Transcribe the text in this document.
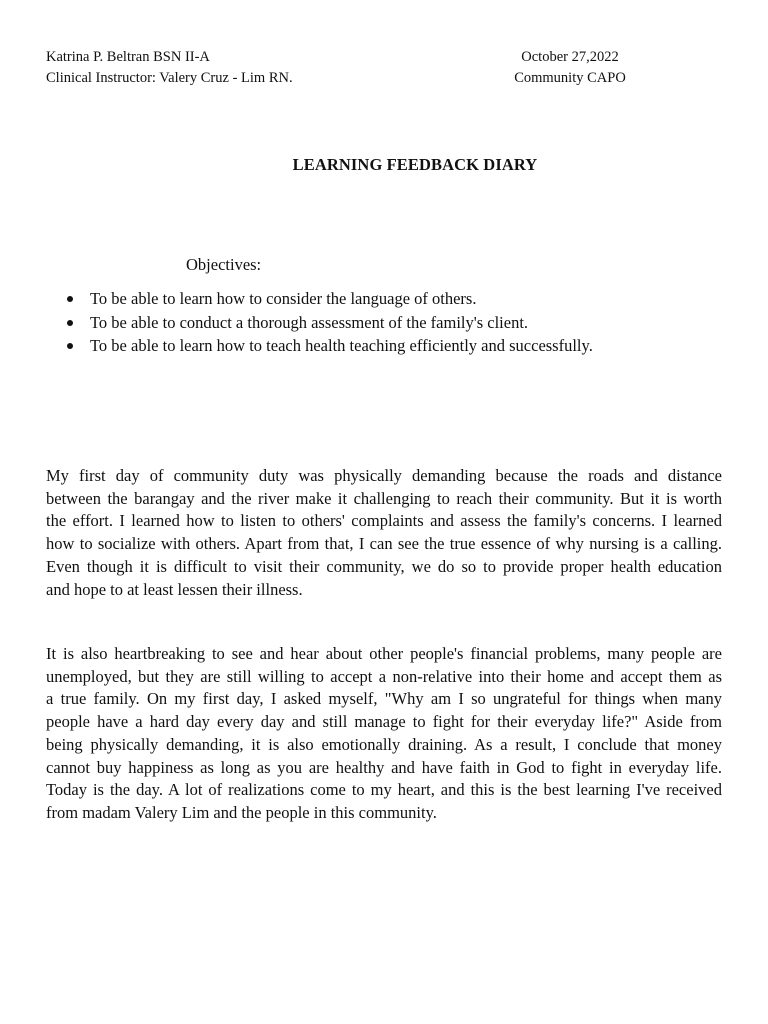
Katrina P. Beltran BSN II-A
Clinical Instructor: Valery Cruz - Lim RN.
October 27,2022
Community CAPO
LEARNING FEEDBACK DIARY
Objectives:
To be able to learn how to consider the language of others.
To be able to conduct a thorough assessment of the family's client.
To be able to learn how to teach health teaching efficiently and successfully.
My first day of community duty was physically demanding because the roads and distance
between the barangay and the river make it challenging to reach their community. But it is worth
the effort. I learned how to listen to others' complaints and assess the family's concerns. I learned
how to socialize with others. Apart from that, I can see the true essence of why nursing is a calling.
Even though it is difficult to visit their community, we do so to provide proper health education
and hope to at least lessen their illness.
It is also heartbreaking to see and hear about other people's financial problems, many people are
unemployed, but they are still willing to accept a non-relative into their home and accept them as
a true family. On my first day, I asked myself, "Why am I so ungrateful for things when many
people have a hard day every day and still manage to fight for their everyday life?" Aside from
being physically demanding, it is also emotionally draining. As a result, I conclude that money
cannot buy happiness as long as you are healthy and have faith in God to fight in everyday life.
Today is the day. A lot of realizations come to my heart, and this is the best learning I've received
from madam Valery Lim and the people in this community.
